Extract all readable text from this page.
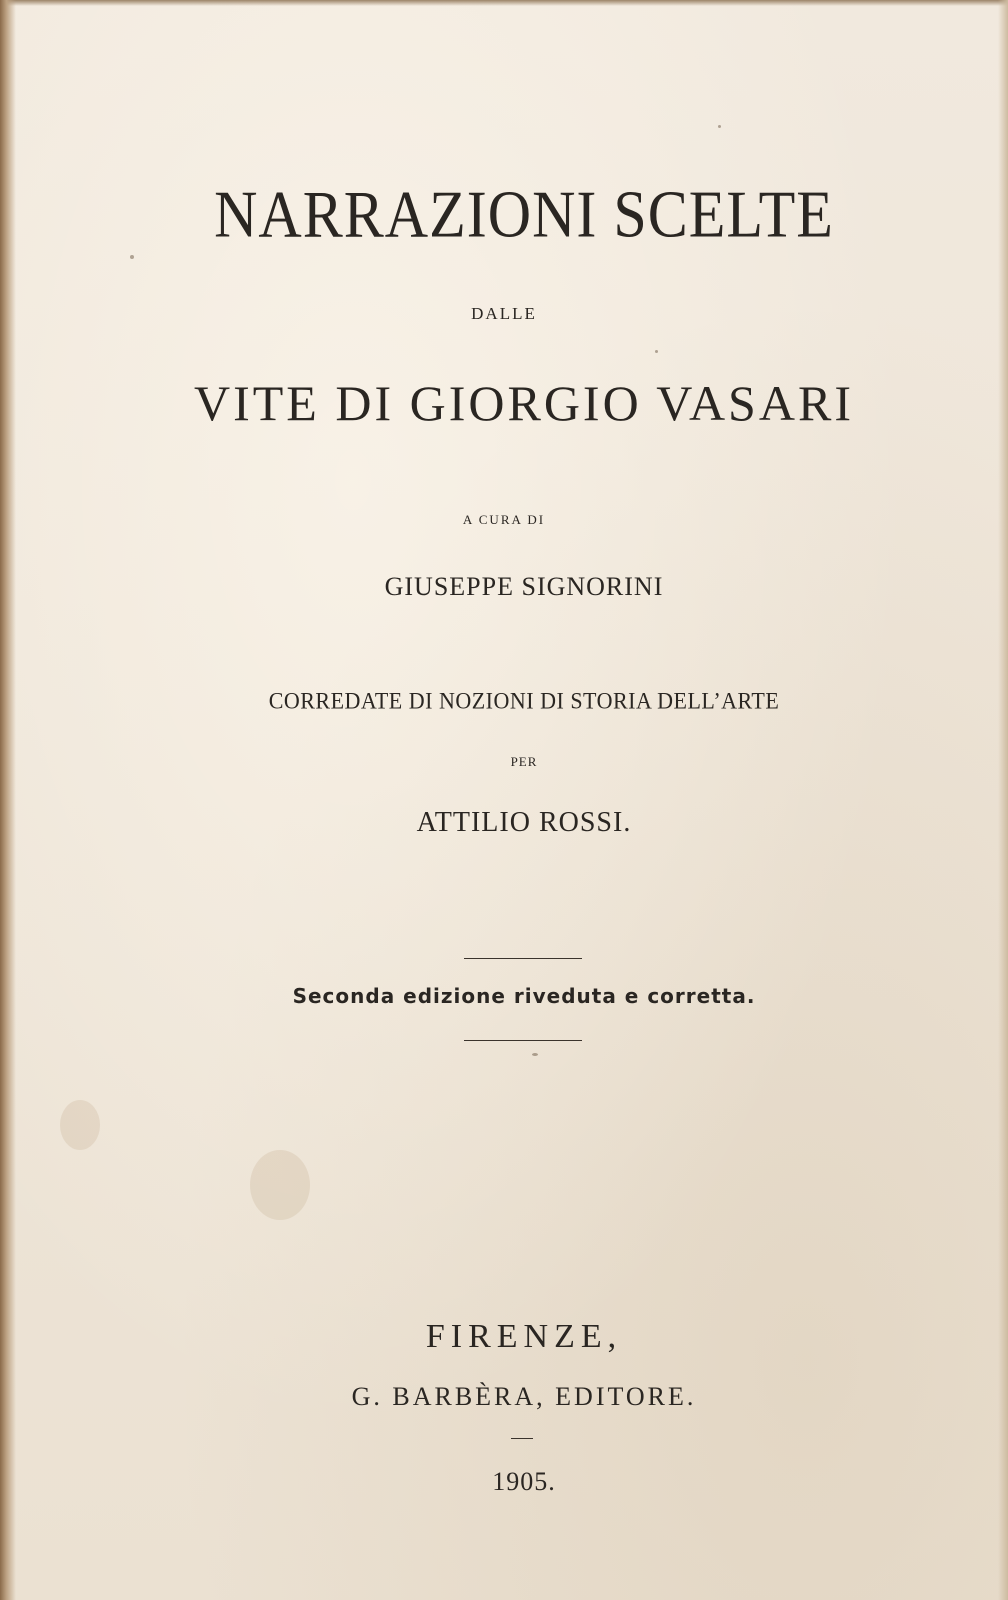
NARRAZIONI SCELTE
DALLE
VITE DI GIORGIO VASARI
A CURA DI
GIUSEPPE SIGNORINI
CORREDATE DI NOZIONI DI STORIA DELL’ARTE
PER
ATTILIO ROSSI.
Seconda edizione riveduta e corretta.
FIRENZE,
G. BARBÈRA, EDITORE.
1905.
